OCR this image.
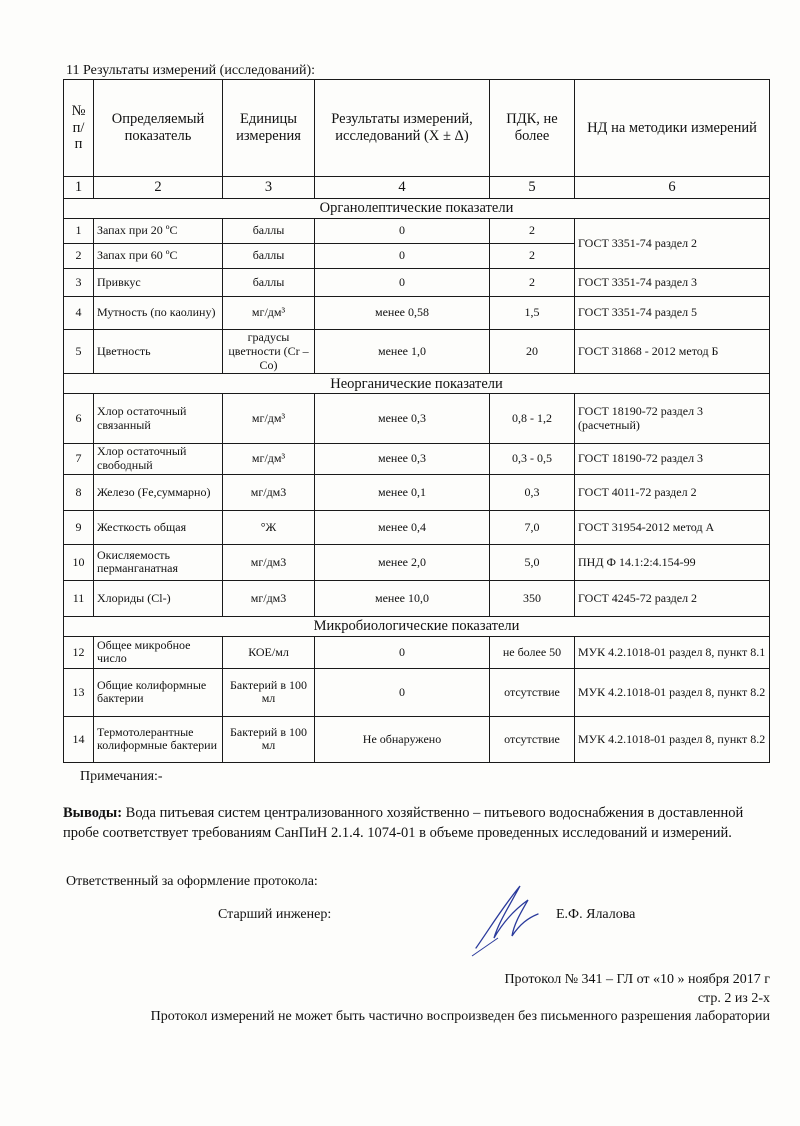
11 Результаты измерений (исследований):
№ п/ п	Определяемый показатель	Единицы измерения	Результаты измерений, исследований (X ± Δ)	ПДК, не более	НД на методики измерений
1	2	3	4	5	6
Органолептические показатели					
1	Запах при 20 ºС	баллы	0	2	ГОСТ 3351-74 раздел 2
2	Запах при 60 ºС	баллы	0	2	
3	Привкус	баллы	0	2	ГОСТ 3351-74 раздел 3
4	Мутность (по каолину)	мг/дм³	менее 0,58	1,5	ГОСТ 3351-74 раздел 5
5	Цветность	градусы цветности (Cr – Co)	менее 1,0	20	ГОСТ 31868 - 2012 метод Б
Неорганические показатели					
6	Хлор остаточный связанный	мг/дм³	менее 0,3	0,8 - 1,2	ГОСТ 18190-72 раздел 3 (расчетный)
7	Хлор остаточный свободный	мг/дм³	менее 0,3	0,3 - 0,5	ГОСТ 18190-72 раздел 3
8	Железо (Fe,суммарно)	мг/дм3	менее 0,1	0,3	ГОСТ 4011-72 раздел 2
9	Жесткость общая	°Ж	менее 0,4	7,0	ГОСТ 31954-2012 метод А
10	Окисляемость перманганатная	мг/дм3	менее 2,0	5,0	ПНД Ф 14.1:2:4.154-99
11	Хлориды (Cl-)	мг/дм3	менее 10,0	350	ГОСТ 4245-72 раздел 2
Микробиологические показатели					
12	Общее микробное число	КОЕ/мл	0	не более 50	МУК 4.2.1018-01 раздел 8, пункт 8.1
13	Общие колиформные бактерии	Бактерий в 100 мл	0	отсутствие	МУК 4.2.1018-01 раздел 8, пункт 8.2
14	Термотолерантные колиформные бактерии	Бактерий в 100 мл	Не обнаружено	отсутствие	МУК 4.2.1018-01 раздел 8, пункт 8.2
Примечания:-
Выводы: Вода питьевая систем централизованного хозяйственно – питьевого водоснабжения в доставленной пробе соответствует требованиям СанПиН 2.1.4. 1074-01 в объеме проведенных исследований и измерений.
Ответственный за оформление протокола:
Старший инженер:	Е.Ф. Ялалова
Протокол № 341 – ГЛ от «10 » ноября 2017 г
стр. 2 из 2-х
Протокол измерений не может быть частично воспроизведен без письменного разрешения лаборатории
